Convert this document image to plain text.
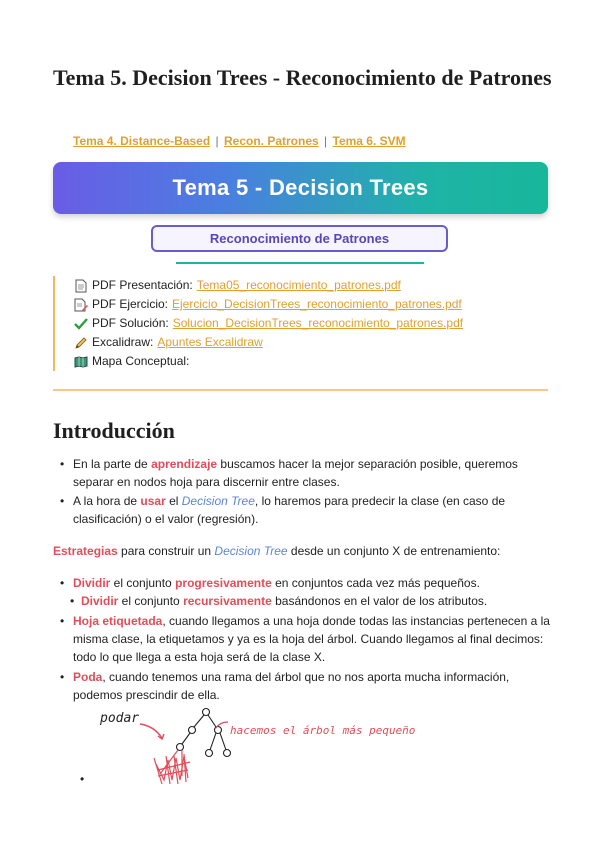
Tema 5. Decision Trees - Reconocimiento de Patrones
Tema 4. Distance-Based | Recon. Patrones | Tema 6. SVM
Tema 5 - Decision Trees
Reconocimiento de Patrones
PDF Presentación: Tema05_reconocimiento_patrones.pdf
PDF Ejercicio: Ejercicio_DecisionTrees_reconocimiento_patrones.pdf
PDF Solución: Solucion_DecisionTrees_reconocimiento_patrones.pdf
Excalidraw: Apuntes Excalidraw
Mapa Conceptual:
Introducción
• En la parte de aprendizaje buscamos hacer la mejor separación posible, queremos separar en nodos hoja para discernir entre clases.
• A la hora de usar el Decision Tree, lo haremos para predecir la clase (en caso de clasificación) o el valor (regresión).

Estrategias para construir un Decision Tree desde un conjunto X de entrenamiento:

• Dividir el conjunto progresivamente en conjuntos cada vez más pequeños.
• Dividir el conjunto recursivamente basándonos en el valor de los atributos.
• Hoja etiquetada, cuando llegamos a una hoja donde todas las instancias pertenecen a la misma clase, la etiquetamos y ya es la hoja del árbol. Cuando llegamos al final decimos: todo lo que llega a esta hoja será de la clase X.
• Poda, cuando tenemos una rama del árbol que no nos aporta mucha información, podemos prescindir de ella.
podar
hacemos el árbol más pequeño
